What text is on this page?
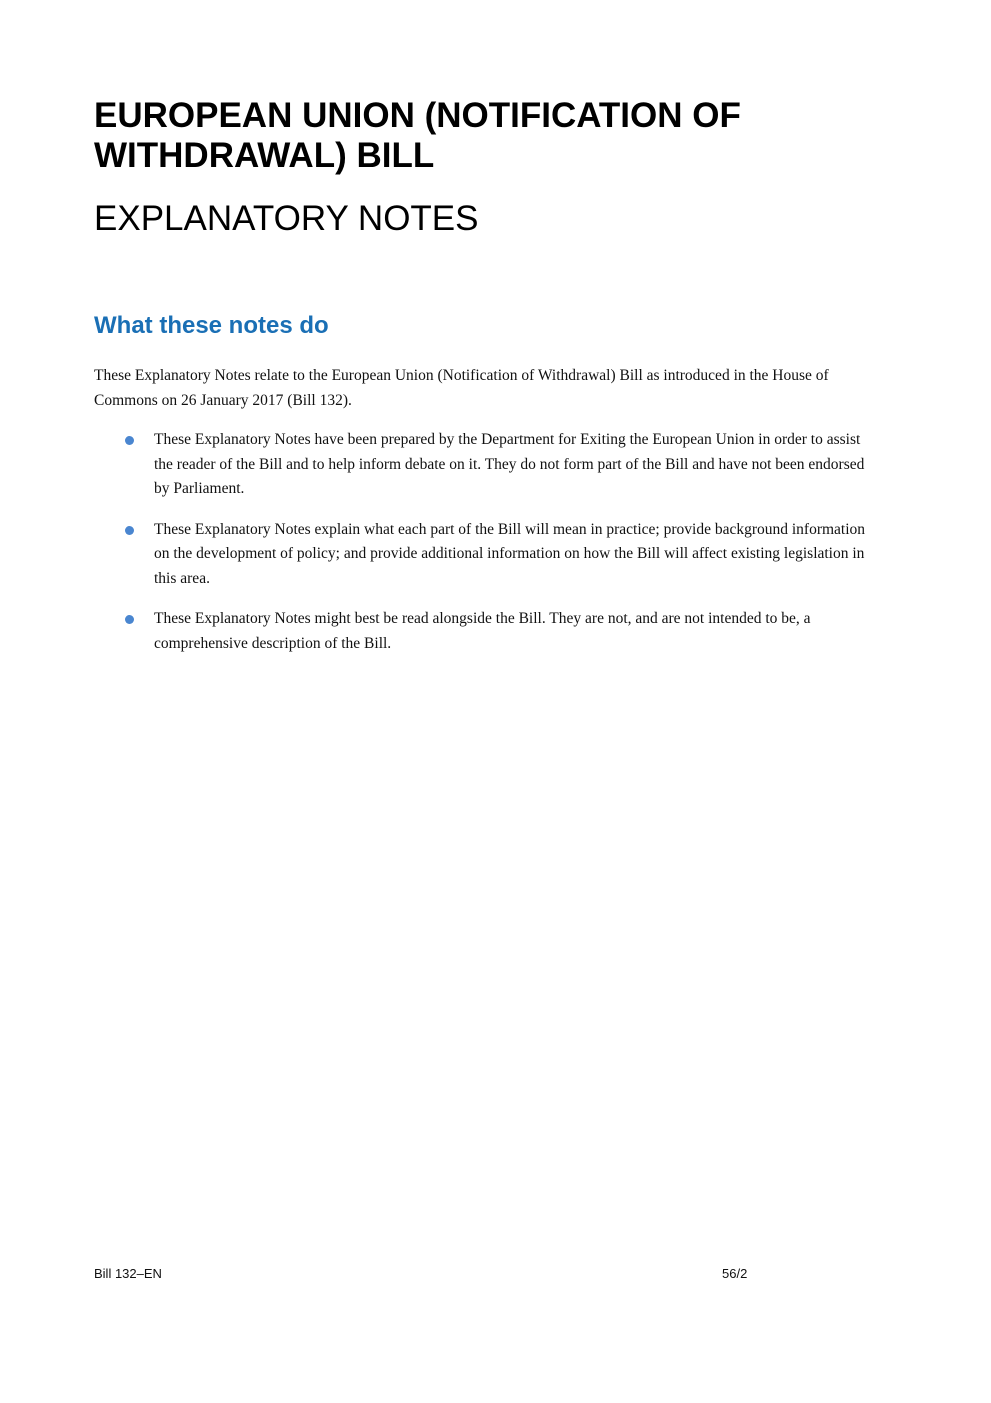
EUROPEAN UNION (NOTIFICATION OF WITHDRAWAL) BILL
EXPLANATORY NOTES
What these notes do

These Explanatory Notes relate to the European Union (Notification of Withdrawal) Bill as introduced in the House of Commons on 26 January 2017 (Bill 132).

These Explanatory Notes have been prepared by the Department for Exiting the European Union in order to assist the reader of the Bill and to help inform debate on it. They do not form part of the Bill and have not been endorsed by Parliament.
These Explanatory Notes explain what each part of the Bill will mean in practice; provide background information on the development of policy; and provide additional information on how the Bill will affect existing legislation in this area.
These Explanatory Notes might best be read alongside the Bill. They are not, and are not intended to be, a comprehensive description of the Bill.
Bill 132–EN	56/2
